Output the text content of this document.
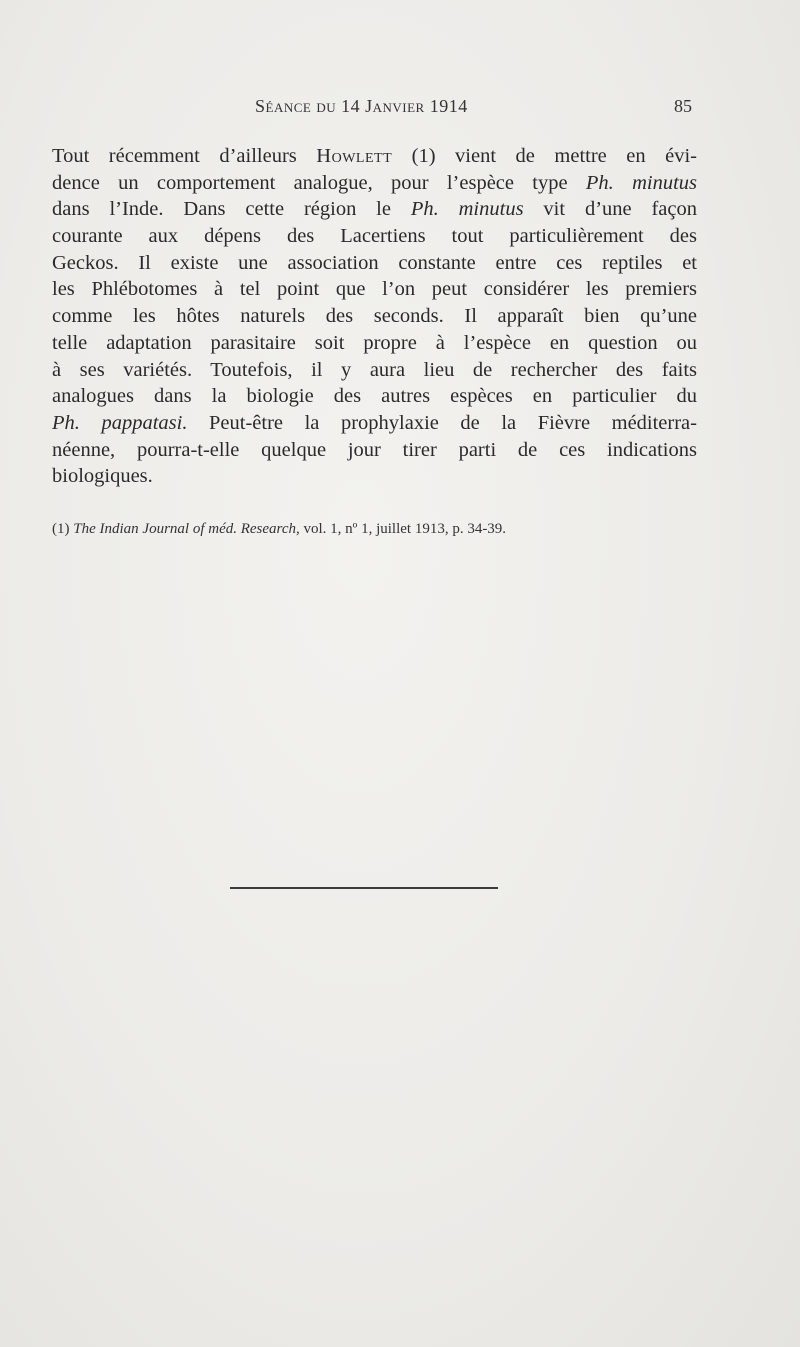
Séance du 14 Janvier 1914	85
Tout récemment d’ailleurs Howlett (1) vient de mettre en évi-
dence un comportement analogue, pour l’espèce type Ph. minutus
dans l’Inde. Dans cette région le Ph. minutus vit d’une façon
courante aux dépens des Lacertiens tout particulièrement des
Geckos. Il existe une association constante entre ces reptiles et
les Phlébotomes à tel point que l’on peut considérer les premiers
comme les hôtes naturels des seconds. Il apparaît bien qu’une
telle adaptation parasitaire soit propre à l’espèce en question ou
à ses variétés. Toutefois, il y aura lieu de rechercher des faits
analogues dans la biologie des autres espèces en particulier du
Ph. pappatasi. Peut-être la prophylaxie de la Fièvre méditerra-
néenne, pourra-t-elle quelque jour tirer parti de ces indications
biologiques.
(1) The Indian Journal of méd. Research, vol. 1, nº 1, juillet 1913, p. 34-39.
